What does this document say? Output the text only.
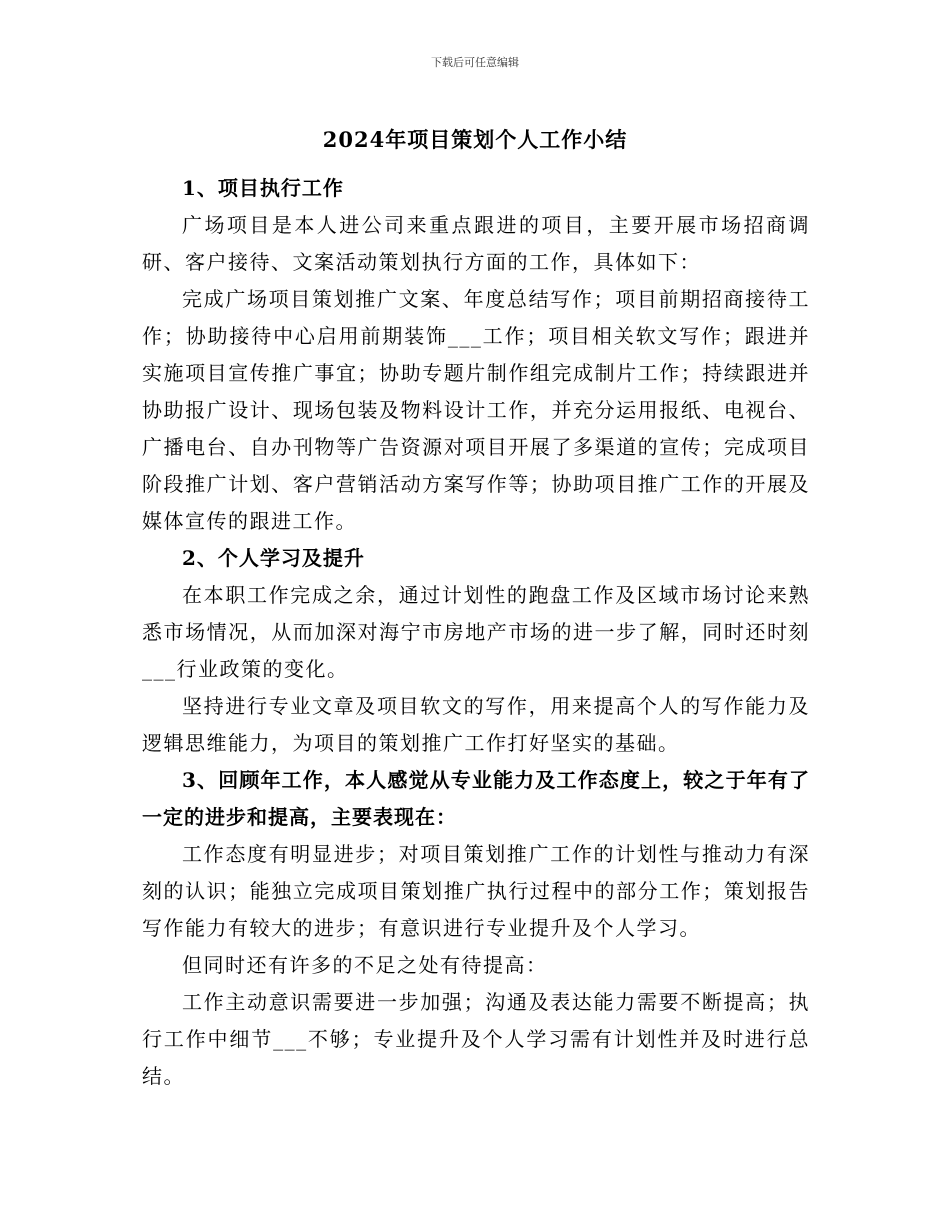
下载后可任意编辑
2024年项目策划个人工作小结

1、项目执行工作

广场项目是本人进公司来重点跟进的项目，主要开展市场招商调研、客户接待、文案活动策划执行方面的工作，具体如下：

完成广场项目策划推广文案、年度总结写作；项目前期招商接待工作；协助接待中心启用前期装饰___工作；项目相关软文写作；跟进并实施项目宣传推广事宜；协助专题片制作组完成制片工作；持续跟进并协助报广设计、现场包装及物料设计工作，并充分运用报纸、电视台、广播电台、自办刊物等广告资源对项目开展了多渠道的宣传；完成项目阶段推广计划、客户营销活动方案写作等；协助项目推广工作的开展及媒体宣传的跟进工作。

2、个人学习及提升

在本职工作完成之余，通过计划性的跑盘工作及区域市场讨论来熟悉市场情况，从而加深对海宁市房地产市场的进一步了解，同时还时刻___行业政策的变化。

坚持进行专业文章及项目软文的写作，用来提高个人的写作能力及逻辑思维能力，为项目的策划推广工作打好坚实的基础。

3、回顾年工作，本人感觉从专业能力及工作态度上，较之于年有了一定的进步和提高，主要表现在：

工作态度有明显进步；对项目策划推广工作的计划性与推动力有深刻的认识；能独立完成项目策划推广执行过程中的部分工作；策划报告写作能力有较大的进步；有意识进行专业提升及个人学习。

但同时还有许多的不足之处有待提高：

工作主动意识需要进一步加强；沟通及表达能力需要不断提高；执行工作中细节___不够；专业提升及个人学习需有计划性并及时进行总结。
